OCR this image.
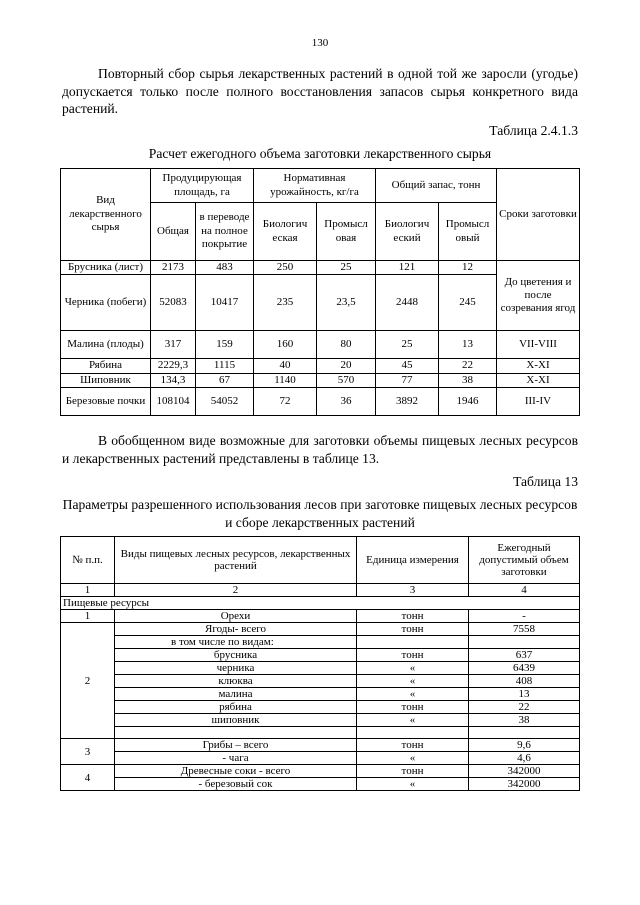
130
Повторный сбор сырья лекарственных растений в одной той же заросли (угодье) допускается только после полного восстановления запасов сырья конкретного вида растений.
Таблица 2.4.1.3
Расчет ежегодного объема заготовки лекарственного сырья
Вид лекарственного сырья	Продуцирующая площадь, га		Нормативная урожайность, кг/га		Общий запас, тонн		Сроки заготовки
	Общая	в переводе на полное покрытие	Биологич еская	Промысл овая	Биологич еский	Промысл овый	
Брусника (лист)	2173	483	250	25	121	12	До цветения и после созревания ягод
Черника (побеги)	52083	10417	235	23,5	2448	245	
Малина (плоды)	317	159	160	80	25	13	VII-VIII
Рябина	2229,3	1115	40	20	45	22	X-XI
Шиповник	134,3	67	1140	570	77	38	X-XI
Березовые почки	108104	54052	72	36	3892	1946	III-IV
В обобщенном виде возможные для заготовки объемы пищевых лесных ресурсов и лекарственных растений представлены в таблице 13.
Таблица 13
Параметры разрешенного использования лесов при заготовке пищевых лесных ресурсов и сборе лекарственных растений
№ п.п.	Виды пищевых лесных ресурсов, лекарственных растений	Единица измерения	Ежегодный допустимый объем заготовки
1	2	3	4
Пищевые ресурсы			
1	Орехи	тонн	-
2	Ягоды- всего	тонн	7558
	в том числе по видам:		
	брусника	тонн	637
	черника	«	6439
	клюква	«	408
	малина	«	13
	рябина	тонн	22
	шиповник	«	38

3	Грибы – всего	тонн	9,6
	- чага	«	4,6
4	Древесные соки - всего	тонн	342000
	- березовый сок	«	342000
